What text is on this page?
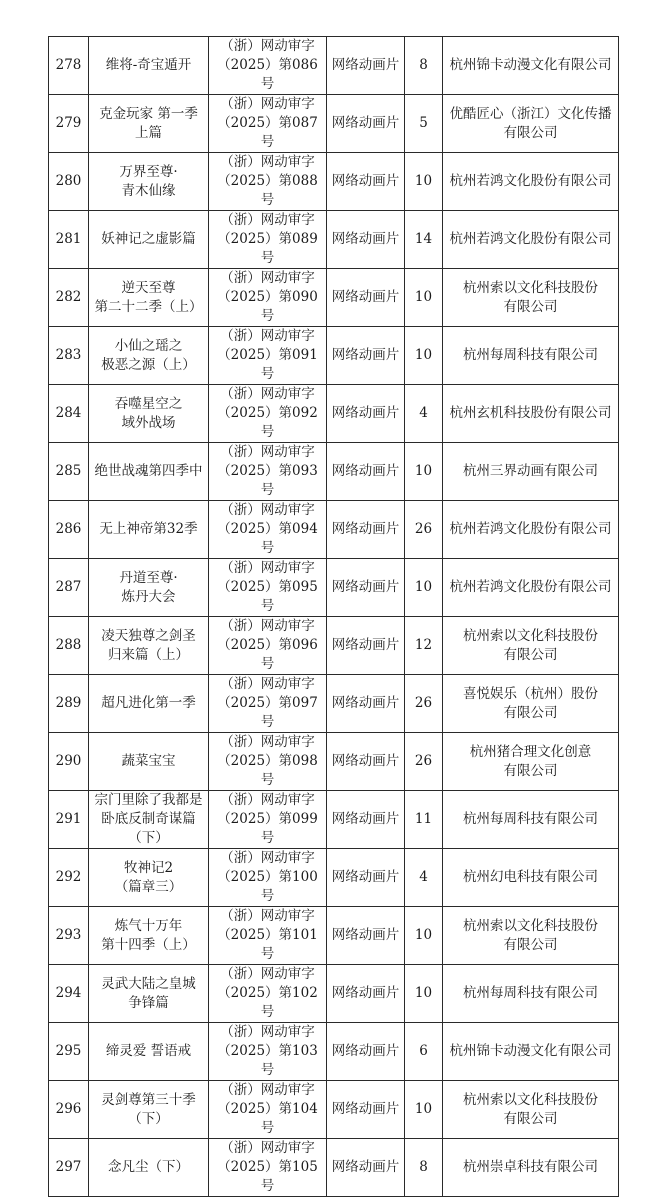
278	维将-奇宝遁开	（浙）网动审字
（2025）第086号	网络动画片	8	杭州锦卡动漫文化有限公司
279	克金玩家 第一季
上篇	（浙）网动审字
（2025）第087号	网络动画片	5	优酷匠心（浙江）文化传播
有限公司
280	万界至尊·
青木仙缘	（浙）网动审字
（2025）第088号	网络动画片	10	杭州若鸿文化股份有限公司
281	妖神记之虚影篇	（浙）网动审字
（2025）第089号	网络动画片	14	杭州若鸿文化股份有限公司
282	逆天至尊
第二十二季（上）	（浙）网动审字
（2025）第090号	网络动画片	10	杭州索以文化科技股份
有限公司
283	小仙之瑶之
极恶之源（上）	（浙）网动审字
（2025）第091号	网络动画片	10	杭州每周科技有限公司
284	吞噬星空之
域外战场	（浙）网动审字
（2025）第092号	网络动画片	4	杭州玄机科技股份有限公司
285	绝世战魂第四季中	（浙）网动审字
（2025）第093号	网络动画片	10	杭州三界动画有限公司
286	无上神帝第32季	（浙）网动审字
（2025）第094号	网络动画片	26	杭州若鸿文化股份有限公司
287	丹道至尊·
炼丹大会	（浙）网动审字
（2025）第095号	网络动画片	10	杭州若鸿文化股份有限公司
288	凌天独尊之剑圣
归来篇（上）	（浙）网动审字
（2025）第096号	网络动画片	12	杭州索以文化科技股份
有限公司
289	超凡进化第一季	（浙）网动审字
（2025）第097号	网络动画片	26	喜悦娱乐（杭州）股份
有限公司
290	蔬菜宝宝	（浙）网动审字
（2025）第098号	网络动画片	26	杭州猪合理文化创意
有限公司
291	宗门里除了我都是
卧底反制奇谋篇
（下）	（浙）网动审字
（2025）第099号	网络动画片	11	杭州每周科技有限公司
292	牧神记2
（篇章三）	（浙）网动审字
（2025）第100号	网络动画片	4	杭州幻电科技有限公司
293	炼气十万年
第十四季（上）	（浙）网动审字
（2025）第101号	网络动画片	10	杭州索以文化科技股份
有限公司
294	灵武大陆之皇城
争锋篇	（浙）网动审字
（2025）第102号	网络动画片	10	杭州每周科技有限公司
295	缔灵爱 誓语戒	（浙）网动审字
（2025）第103号	网络动画片	6	杭州锦卡动漫文化有限公司
296	灵剑尊第三十季
（下）	（浙）网动审字
（2025）第104号	网络动画片	10	杭州索以文化科技股份
有限公司
297	念凡尘（下）	（浙）网动审字
（2025）第105号	网络动画片	8	杭州崇卓科技有限公司
